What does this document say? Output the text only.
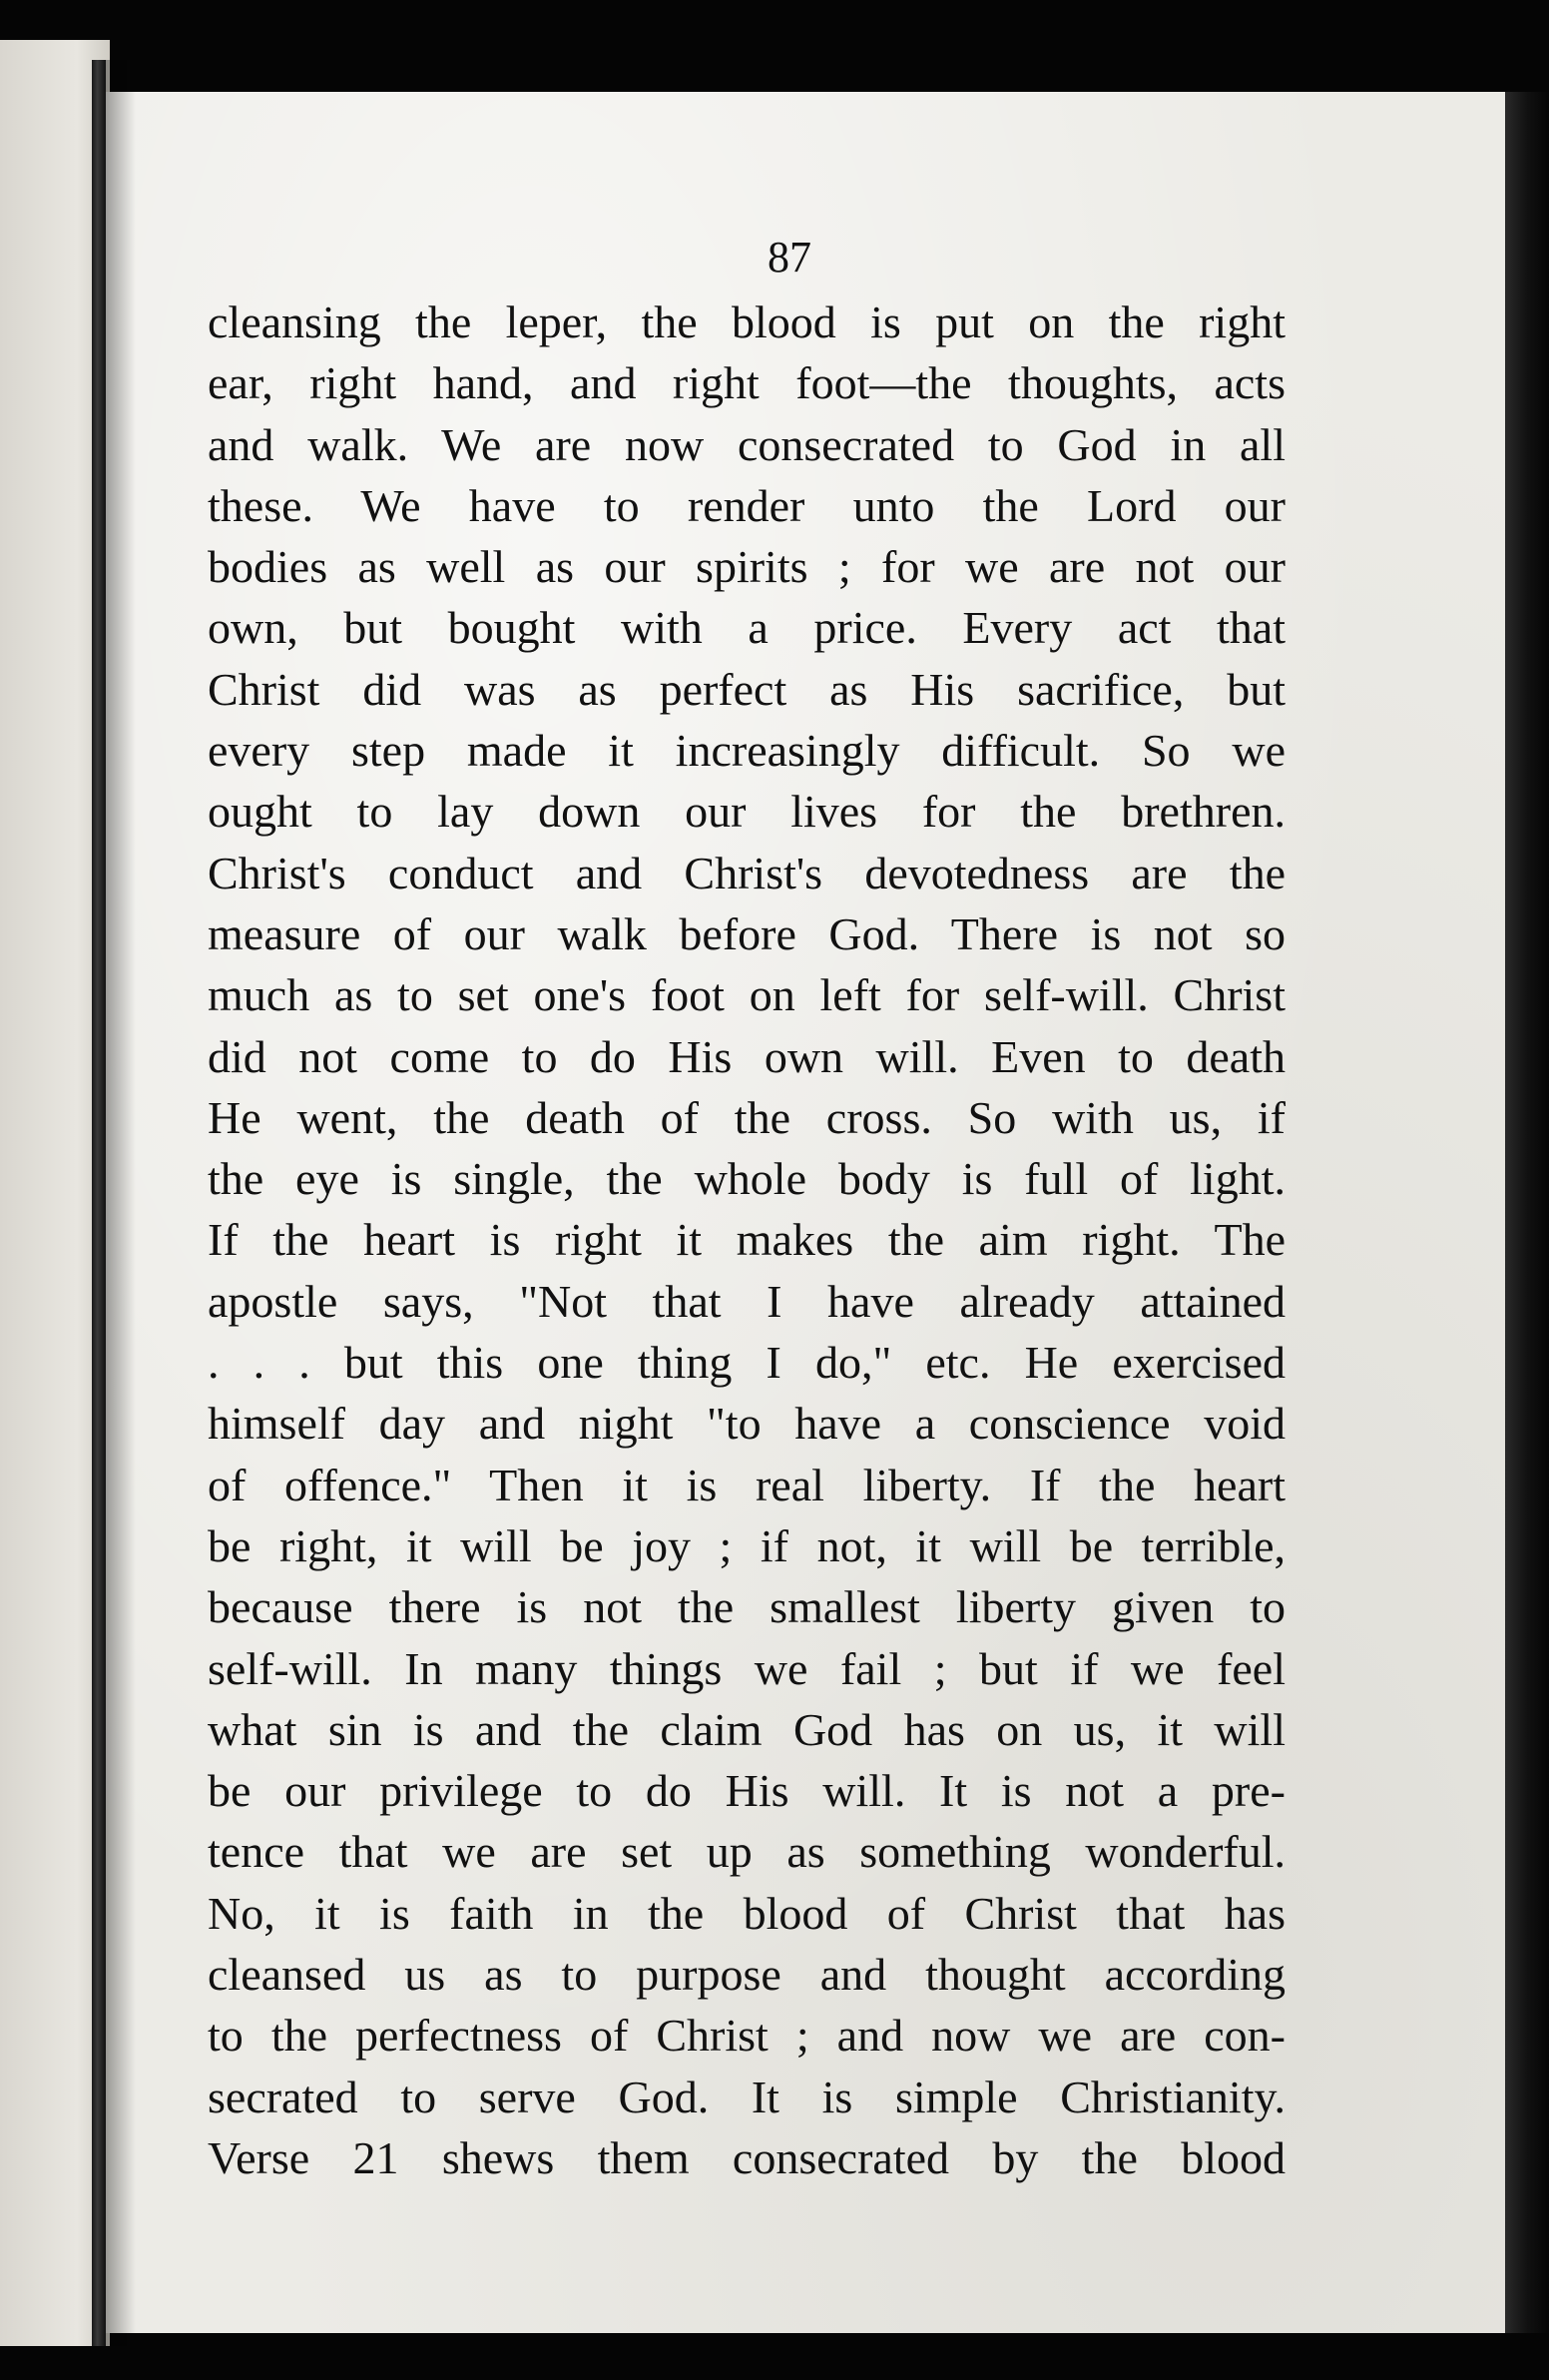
87
cleansing the leper, the blood is put on the right
ear, right hand, and right foot—the thoughts, acts
and walk. We are now consecrated to God in all
these. We have to render unto the Lord our
bodies as well as our spirits ; for we are not our
own, but bought with a price. Every act that
Christ did was as perfect as His sacrifice, but
every step made it increasingly difficult. So we
ought to lay down our lives for the brethren.
Christ's conduct and Christ's devotedness are the
measure of our walk before God. There is not so
much as to set one's foot on left for self-will. Christ
did not come to do His own will. Even to death
He went, the death of the cross. So with us, if
the eye is single, the whole body is full of light.
If the heart is right it makes the aim right. The
apostle says, "Not that I have already attained
. . . but this one thing I do," etc. He exercised
himself day and night "to have a conscience void
of offence." Then it is real liberty. If the heart
be right, it will be joy ; if not, it will be terrible,
because there is not the smallest liberty given to
self-will. In many things we fail ; but if we feel
what sin is and the claim God has on us, it will
be our privilege to do His will. It is not a pre-
tence that we are set up as something wonderful.
No, it is faith in the blood of Christ that has
cleansed us as to purpose and thought according
to the perfectness of Christ ; and now we are con-
secrated to serve God. It is simple Christianity.
Verse 21 shews them consecrated by the blood
